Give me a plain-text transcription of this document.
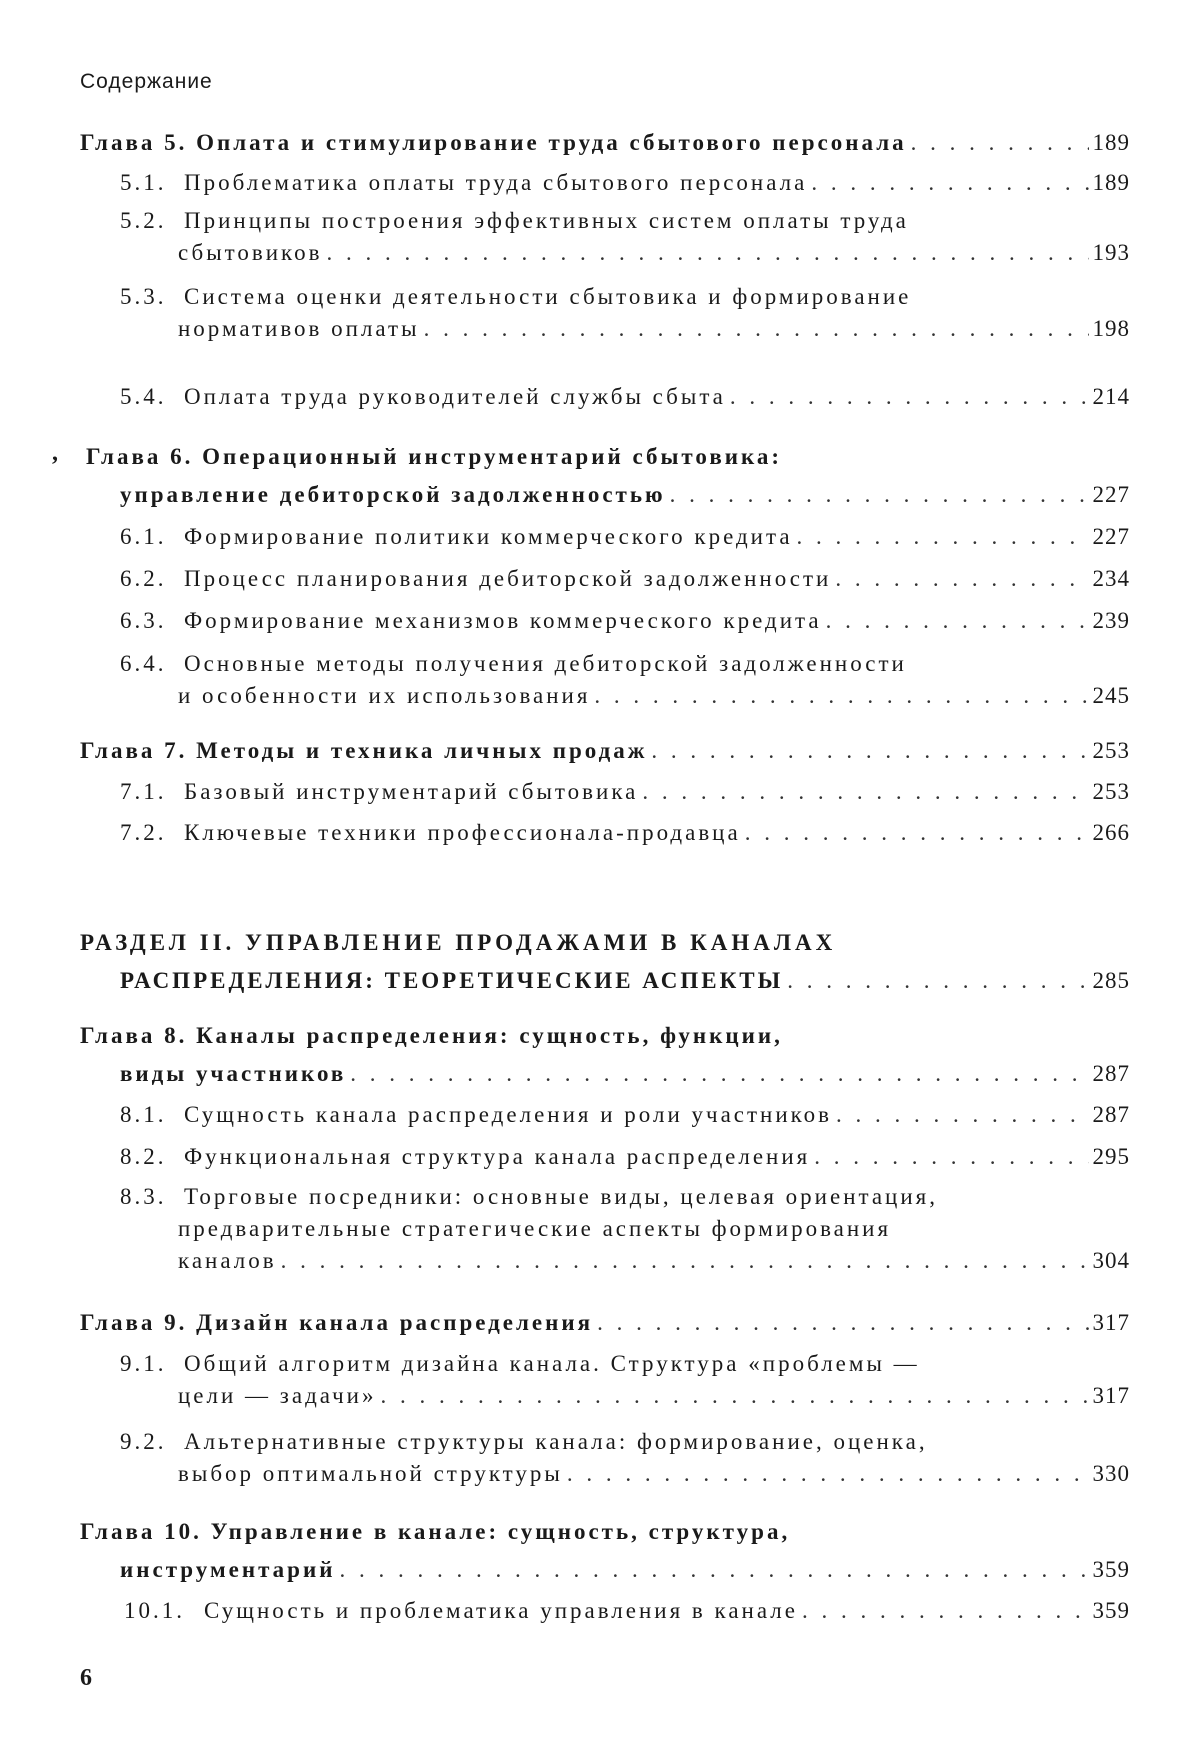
Содержание
,
Глава 5. Оплата и стимулирование труда сбытового персонала . . .	189
5.1. Проблематика оплаты труда сбытового персонала . . .	189
5.2. Принципы построения эффективных систем оплаты труда
сбытовиков . . .	193
5.3. Система оценки деятельности сбытовика и формирование
нормативов оплаты . . .	198
5.4. Оплата труда руководителей службы сбыта . . .	214
Глава 6. Операционный инструментарий сбытовика:
управление дебиторской задолженностью . . .	227
6.1. Формирование политики коммерческого кредита . . .	227
6.2. Процесс планирования дебиторской задолженности . . .	234
6.3. Формирование механизмов коммерческого кредита . . .	239
6.4. Основные методы получения дебиторской задолженности
и особенности их использования . . .	245
Глава 7. Методы и техника личных продаж . . .	253
7.1. Базовый инструментарий сбытовика . . .	253
7.2. Ключевые техники профессионала-продавца . . .	266
РАЗДЕЛ II. УПРАВЛЕНИЕ ПРОДАЖАМИ В КАНАЛАХ
РАСПРЕДЕЛЕНИЯ: ТЕОРЕТИЧЕСКИЕ АСПЕКТЫ . . .	285
Глава 8. Каналы распределения: сущность, функции,
виды участников . . .	287
8.1. Сущность канала распределения и роли участников . . .	287
8.2. Функциональная структура канала распределения . . .	295
8.3. Торговые посредники: основные виды, целевая ориентация,
предварительные стратегические аспекты формирования
каналов . . .	304
Глава 9. Дизайн канала распределения . . .	317
9.1. Общий алгоритм дизайна канала. Структура «проблемы —
цели — задачи» . . .	317
9.2. Альтернативные структуры канала: формирование, оценка,
выбор оптимальной структуры . . .	330
Глава 10. Управление в канале: сущность, структура,
инструментарий . . .	359
10.1. Сущность и проблематика управления в канале . . .	359
6
